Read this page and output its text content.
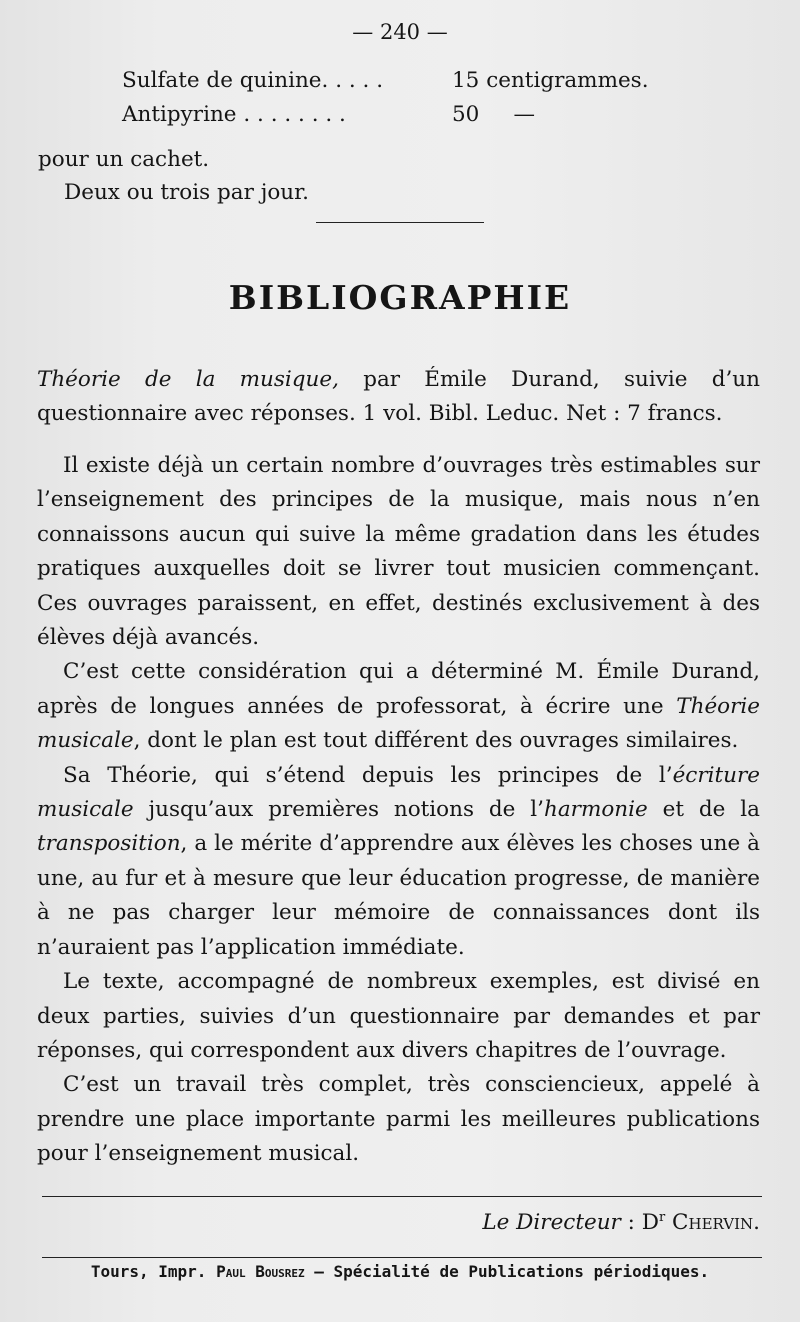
— 240 —
Sulfate de quinine. . . . .	15 centigrammes.
Antipyrine . . . . . . . .	50     —
pour un cachet.
Deux ou trois par jour.
BIBLIOGRAPHIE

Théorie de la musique, par Émile Durand, suivie d’un questionnaire avec réponses. 1 vol. Bibl. Leduc. Net : 7 francs.

Il existe déjà un certain nombre d’ouvrages très estimables sur l’enseignement des principes de la musique, mais nous n’en connaissons aucun qui suive la même gradation dans les études pratiques auxquelles doit se livrer tout musicien commençant. Ces ouvrages paraissent, en effet, destinés exclusivement à des élèves déjà avancés.

C’est cette considération qui a déterminé M. Émile Durand, après de longues années de professorat, à écrire une Théorie musicale, dont le plan est tout différent des ouvrages similaires.

Sa Théorie, qui s’étend depuis les principes de l’écriture musicale jusqu’aux premières notions de l’harmonie et de la transposition, a le mérite d’apprendre aux élèves les choses une à une, au fur et à mesure que leur éducation progresse, de manière à ne pas charger leur mémoire de connaissances dont ils n’auraient pas l’application immédiate.

Le texte, accompagné de nombreux exemples, est divisé en deux parties, suivies d’un questionnaire par demandes et par réponses, qui correspondent aux divers chapitres de l’ouvrage.

C’est un travail très complet, très consciencieux, appelé à prendre une place importante parmi les meilleures publications pour l’enseignement musical.

Le Directeur : $D^r$ Chervin.
Tours, Impr. Paul Bousrez — Spécialité de Publications périodiques.
